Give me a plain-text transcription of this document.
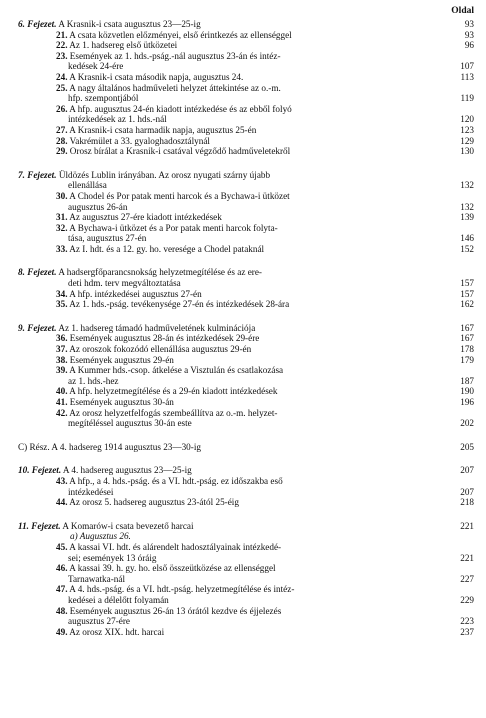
Oldal
6. Fejezet. A Krasnik-i csata augusztus 23—25-ig	93
21. A csata közvetlen előzményei, első érintkezés az ellenséggel	93
22. Az 1. hadsereg első ütközetei	96
23. Események az 1. hds.-pság.-nál augusztus 23-án és intéz-
kedések 24-ére	107
24. A Krasnik-i csata második napja, augusztus 24.	113
25. A nagy általános hadműveleti helyzet áttekintése az o.-m.
hfp. szempontjából	119
26. A hfp. augusztus 24-én kiadott intézkedése és az ebből folyó
intézkedések az 1. hds.-nál	120
27. A Krasnik-i csata harmadik napja, augusztus 25-én	123
28. Vakrémület a 33. gyaloghadosztálynál	129
29. Orosz bírálat a Krasnik-i csatával végződő hadműveletekről	130
7. Fejezet. Üldözés Lublin irányában. Az orosz nyugati szárny újabb
ellenállása	132
30. A Chodel és Por patak menti harcok és a Bychawa-i ütközet
augusztus 26-án	132
31. Az augusztus 27-ére kiadott intézkedések	139
32. A Bychawa-i ütközet és a Por patak menti harcok folyta-
tása, augusztus 27-én	146
33. Az I. hdt. és a 12. gy. ho. veresége a Chodel pataknál	152
8. Fejezet. A hadsergfőparancsnokság helyzetmegítélése és az ere-
deti hdm. terv megváltoztatása	157
34. A hfp. intézkedései augusztus 27-én	157
35. Az 1. hds.-pság. tevékenysége 27-én és intézkedések 28-ára	162
9. Fejezet. Az 1. hadsereg támadó hadműveletének kulminációja	167
36. Események augusztus 28-án és intézkedések 29-ére	167
37. Az oroszok fokozódó ellenállása augusztus 29-én	178
38. Események augusztus 29-én	179
39. A Kummer hds.-csop. átkelése a Visztulán és csatlakozása
az 1. hds.-hez	187
40. A hfp. helyzetmegítélése és a 29-én kiadott intézkedések	190
41. Események augusztus 30-án	196
42. Az orosz helyzetfelfogás szembeállítva az o.-m. helyzet-
megítéléssel augusztus 30-án este	202
C) Rész. A 4. hadsereg 1914 augusztus 23—30-ig	205
10. Fejezet. A 4. hadsereg augusztus 23—25-ig	207
43. A hfp., a 4. hds.-pság. és a VI. hdt.-pság. ez időszakba eső
intézkedései	207
44. Az orosz 5. hadsereg augusztus 23-ától 25-éig	218
11. Fejezet. A Komarów-i csata bevezető harcai	221
a) Augusztus 26.
45. A kassai VI. hdt. és alárendelt hadosztályainak intézkedé-
sei; események 13 óráig	221
46. A kassai 39. h. gy. ho. első összeütközése az ellenséggel
Tarnawatka-nál	227
47. A 4. hds.-pság. és a VI. hdt.-pság. helyzetmegítélése és intéz-
kedései a délelőtt folyamán	229
48. Események augusztus 26-án 13 órától kezdve és éjjelezés
augusztus 27-ére	223
49. Az orosz XIX. hdt. harcai	237
